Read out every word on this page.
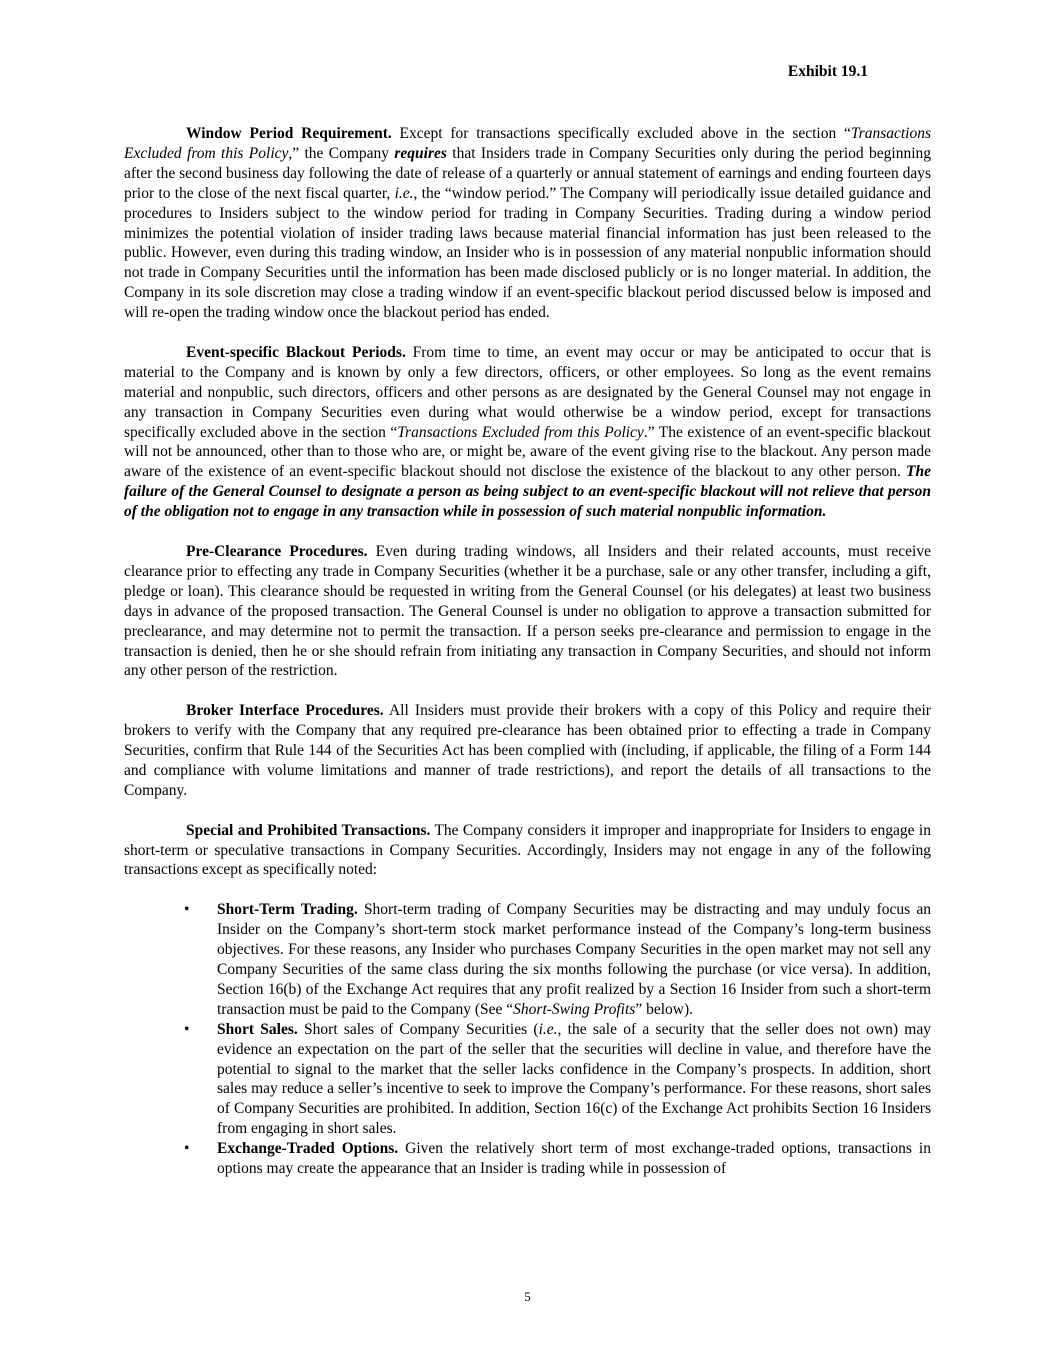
Exhibit 19.1

Window Period Requirement. Except for transactions specifically excluded above in the section “Transactions Excluded from this Policy,” the Company requires that Insiders trade in Company Securities only during the period beginning after the second business day following the date of release of a quarterly or annual statement of earnings and ending fourteen days prior to the close of the next fiscal quarter, i.e., the “window period.” The Company will periodically issue detailed guidance and procedures to Insiders subject to the window period for trading in Company Securities. Trading during a window period minimizes the potential violation of insider trading laws because material financial information has just been released to the public. However, even during this trading window, an Insider who is in possession of any material nonpublic information should not trade in Company Securities until the information has been made disclosed publicly or is no longer material. In addition, the Company in its sole discretion may close a trading window if an event-specific blackout period discussed below is imposed and will re-open the trading window once the blackout period has ended.

Event-specific Blackout Periods. From time to time, an event may occur or may be anticipated to occur that is material to the Company and is known by only a few directors, officers, or other employees. So long as the event remains material and nonpublic, such directors, officers and other persons as are designated by the General Counsel may not engage in any transaction in Company Securities even during what would otherwise be a window period, except for transactions specifically excluded above in the section “Transactions Excluded from this Policy.” The existence of an event-specific blackout will not be announced, other than to those who are, or might be, aware of the event giving rise to the blackout. Any person made aware of the existence of an event-specific blackout should not disclose the existence of the blackout to any other person. The failure of the General Counsel to designate a person as being subject to an event-specific blackout will not relieve that person of the obligation not to engage in any transaction while in possession of such material nonpublic information.

Pre-Clearance Procedures. Even during trading windows, all Insiders and their related accounts, must receive clearance prior to effecting any trade in Company Securities (whether it be a purchase, sale or any other transfer, including a gift, pledge or loan). This clearance should be requested in writing from the General Counsel (or his delegates) at least two business days in advance of the proposed transaction. The General Counsel is under no obligation to approve a transaction submitted for preclearance, and may determine not to permit the transaction. If a person seeks pre-clearance and permission to engage in the transaction is denied, then he or she should refrain from initiating any transaction in Company Securities, and should not inform any other person of the restriction.

Broker Interface Procedures. All Insiders must provide their brokers with a copy of this Policy and require their brokers to verify with the Company that any required pre-clearance has been obtained prior to effecting a trade in Company Securities, confirm that Rule 144 of the Securities Act has been complied with (including, if applicable, the filing of a Form 144 and compliance with volume limitations and manner of trade restrictions), and report the details of all transactions to the Company.

Special and Prohibited Transactions. The Company considers it improper and inappropriate for Insiders to engage in short-term or speculative transactions in Company Securities. Accordingly, Insiders may not engage in any of the following transactions except as specifically noted:

• Short-Term Trading. Short-term trading of Company Securities may be distracting and may unduly focus an Insider on the Company’s short-term stock market performance instead of the Company’s long-term business objectives. For these reasons, any Insider who purchases Company Securities in the open market may not sell any Company Securities of the same class during the six months following the purchase (or vice versa). In addition, Section 16(b) of the Exchange Act requires that any profit realized by a Section 16 Insider from such a short-term transaction must be paid to the Company (See “Short-Swing Profits” below).
• Short Sales. Short sales of Company Securities (i.e., the sale of a security that the seller does not own) may evidence an expectation on the part of the seller that the securities will decline in value, and therefore have the potential to signal to the market that the seller lacks confidence in the Company’s prospects. In addition, short sales may reduce a seller’s incentive to seek to improve the Company’s performance. For these reasons, short sales of Company Securities are prohibited. In addition, Section 16(c) of the Exchange Act prohibits Section 16 Insiders from engaging in short sales.
• Exchange-Traded Options. Given the relatively short term of most exchange-traded options, transactions in options may create the appearance that an Insider is trading while in possession of
5
